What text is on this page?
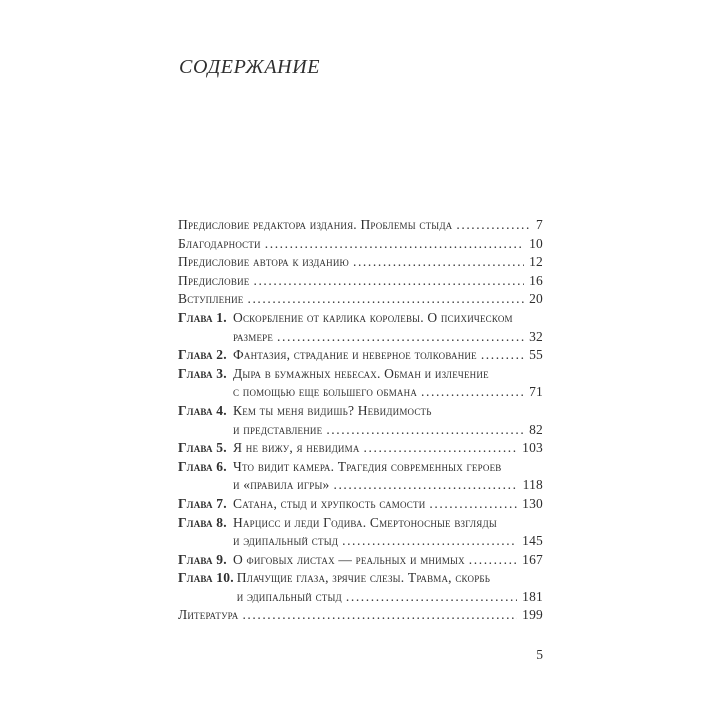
СОДЕРЖАНИЕ
Предисловие редактора издания. Проблемы стыда .....	7
Благодарности .....	10
Предисловие автора к изданию .....	12
Предисловие .....	16
Вступление .....	20
Глава 1. Оскорбление от карлика королевы. О психическом
размере .....	32
Глава 2. Фантазия, страдание и неверное толкование .....	55
Глава 3. Дыра в бумажных небесах. Обман и излечение
с помощью еще большего обмана .....	71
Глава 4. Кем ты меня видишь? Невидимость
и представление .....	82
Глава 5. Я не вижу, я невидима .....	103
Глава 6. Что видит камера. Трагедия современных героев
и «правила игры» .....	118
Глава 7. Сатана, стыд и хрупкость самости .....	130
Глава 8. Нарцисс и леди Годива. Смертоносные взгляды
и эдипальный стыд .....	145
Глава 9. О фиговых листах — реальных и мнимых .....	167
Глава 10. Плачущие глаза, зрячие слезы. Травма, скорбь
и эдипальный стыд .....	181
Литература .....	199
5
